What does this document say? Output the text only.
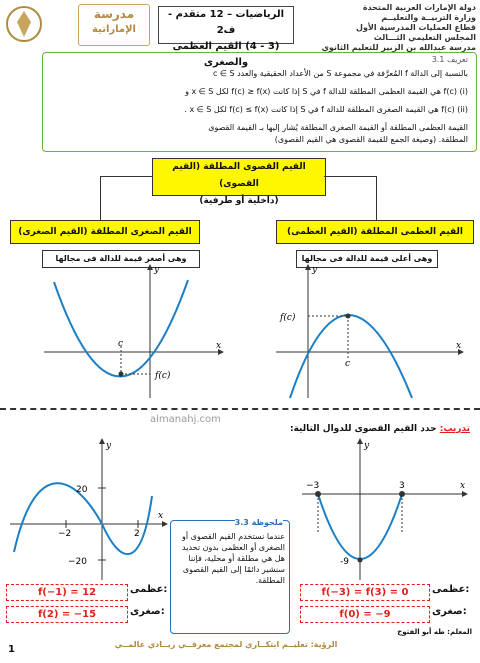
مدرسة
الإماراتية
الرياضيات – 12 متقدم - ف2
(3 - 4) القيم العظمى والصغرى
دولة الإمارات العربية المتحدة
وزارة التربيــة والتعليــم
قطاع العمليات المدرسية الأول
المجلس التعليمي الثـــالث
مدرسة عبدالله بن الزبير للتعليم الثانوي
تعريف 3.1
بالنسبة إلى الدالة f المُعرَّفة في مجموعة S من الأعداد الحقيقية والعدد c ∈ S
(i) f(c) هي القيمة العظمى المطلقة للدالة f في S إذا كانت f(c) ≥ f(x) لكل x ∈ S و
(ii) f(c) هي القيمة الصغرى المطلقة للدالة f في S إذا كانت f(c) ≤ f(x) لكل x ∈ S .
القيمة العظمى المطلقة أو القيمة الصغرى المطلقة يُشار إليها بـ القيمة القصوى
المطلقة. (وصيغة الجمع للقيمة القصوى هي القيم القصوى)
القيم القصوى المطلقة (القيم القصوى)
(داخلية أو طرفية)
القيم الصغرى المطلقة (القيم الصغرى)	القيم العظمى المطلقة (القيم العظمى)
وهى أصغر قيمة للدالة فى مجالها	وهى أعلى قيمة للدالة فى مجالها
c
f(c)
x
y
f(c)
c
x
y
almanahj.com
تدريب: حدد القيم القصوى للدوال التالية:
20
−20
−2	2
y
x
−3	3
-9
y
x
ملحوظة 3.3
عندما نستخدم القيم القصوى أو الصغرى أو العظمى بدون تحديد هل هي مطلقة أو محلية، فإننا سنشير دائمًا إلى القيم القصوى المطلقة.
f(−1) = 12	عظمى:
f(2) = −15	صغرى:
f(−3) = f(3) = 0	عظمى:
f(0) = −9	صغرى:
1	الرؤية: تعليــم ابتكــاري لمجتمع معرفــي ريــادي عالمــي
المعلم: طه أبو الفتوح
